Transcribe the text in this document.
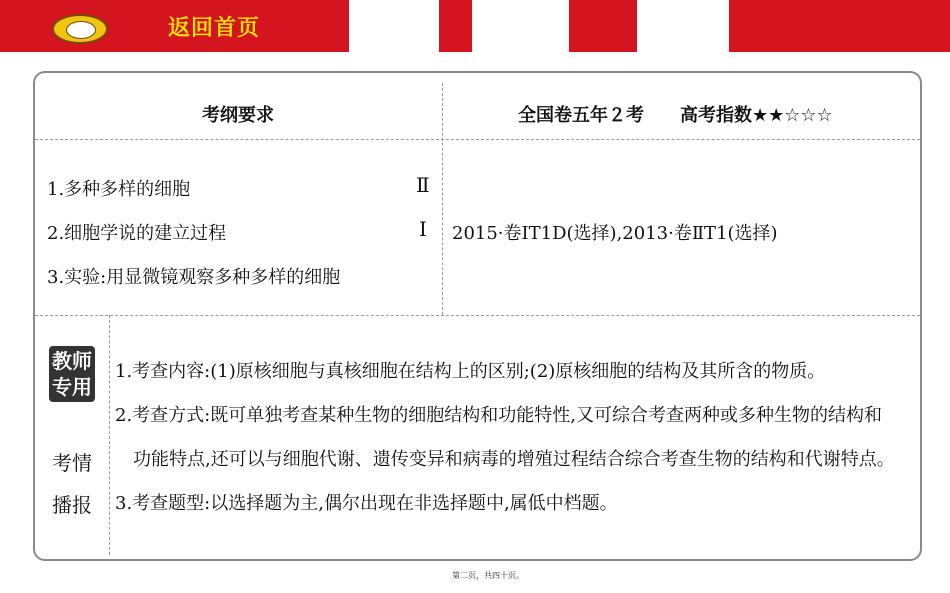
返回首页
考纲要求	全国卷五年２考　　高考指数★★☆☆☆
1.多种多样的细胞	Ⅱ
2.细胞学说的建立过程	Ⅰ
3.实验:用显微镜观察多种多样的细胞
2015·卷ⅠT1D(选择),2013·卷ⅡT1(选择)
教师
专用
考情
播报
1.考查内容:(1)原核细胞与真核细胞在结构上的区别;(2)原核细胞的结构及其所含的物质。
2.考查方式:既可单独考查某种生物的细胞结构和功能特性,又可综合考查两种或多种生物的结构和
功能特点,还可以与细胞代谢、遗传变异和病毒的增殖过程结合综合考查生物的结构和代谢特点。
3.考查题型:以选择题为主,偶尔出现在非选择题中,属低中档题。
第二页，共四十页。
